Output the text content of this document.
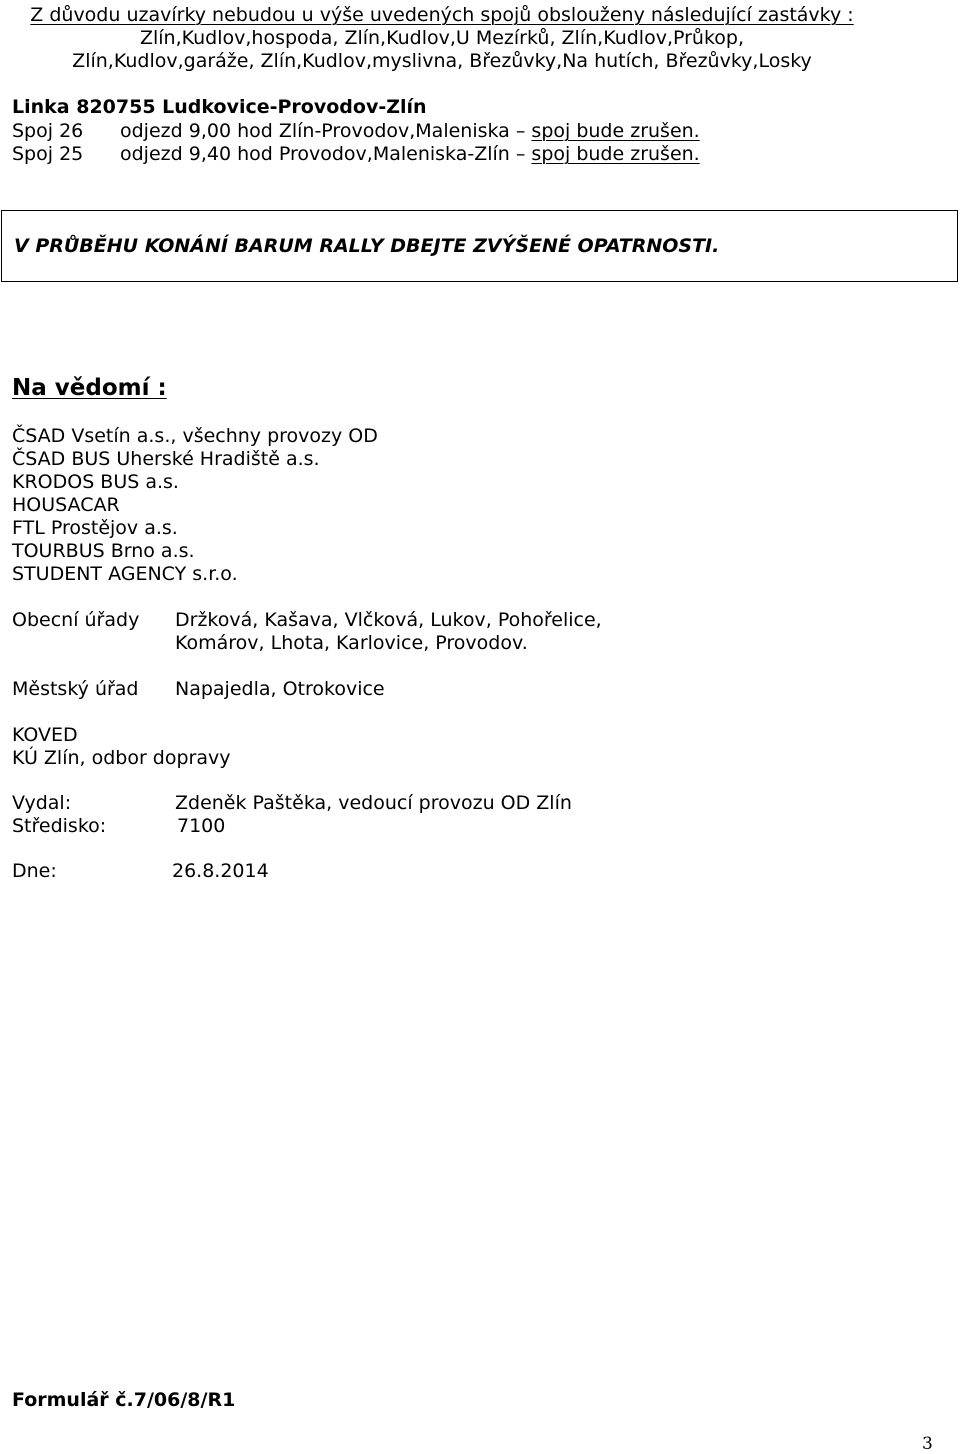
Z důvodu uzavírky nebudou u výše uvedených spojů obslouženy následující zastávky :
Zlín,Kudlov,hospoda, Zlín,Kudlov,U Mezírků, Zlín,Kudlov,Průkop,
Zlín,Kudlov,garáže, Zlín,Kudlov,myslivna, Březůvky,Na hutích, Březůvky,Losky
Linka 820755 Ludkovice-Provodov-Zlín
Spoj 26 odjezd 9,00 hod Zlín-Provodov,Maleniska – spoj bude zrušen.
Spoj 25 odjezd 9,40 hod Provodov,Maleniska-Zlín – spoj bude zrušen.
V PRŮBĚHU KONÁNÍ BARUM RALLY DBEJTE ZVÝŠENÉ OPATRNOSTI.
Na vědomí :
ČSAD Vsetín a.s., všechny provozy OD
ČSAD BUS Uherské Hradiště a.s.
KRODOS BUS a.s.
HOUSACAR
FTL Prostějov a.s.
TOURBUS Brno a.s.
STUDENT AGENCY s.r.o.
Obecní úřady Držková, Kašava, Vlčková, Lukov, Pohořelice,
Komárov, Lhota, Karlovice, Provodov.
Městský úřad Napajedla, Otrokovice
KOVED
KÚ Zlín, odbor dopravy
Vydal:	Zdeněk Paštěka, vedoucí provozu OD Zlín
Středisko:	7100
Dne:	26.8.2014
Formulář č.7/06/8/R1
3
